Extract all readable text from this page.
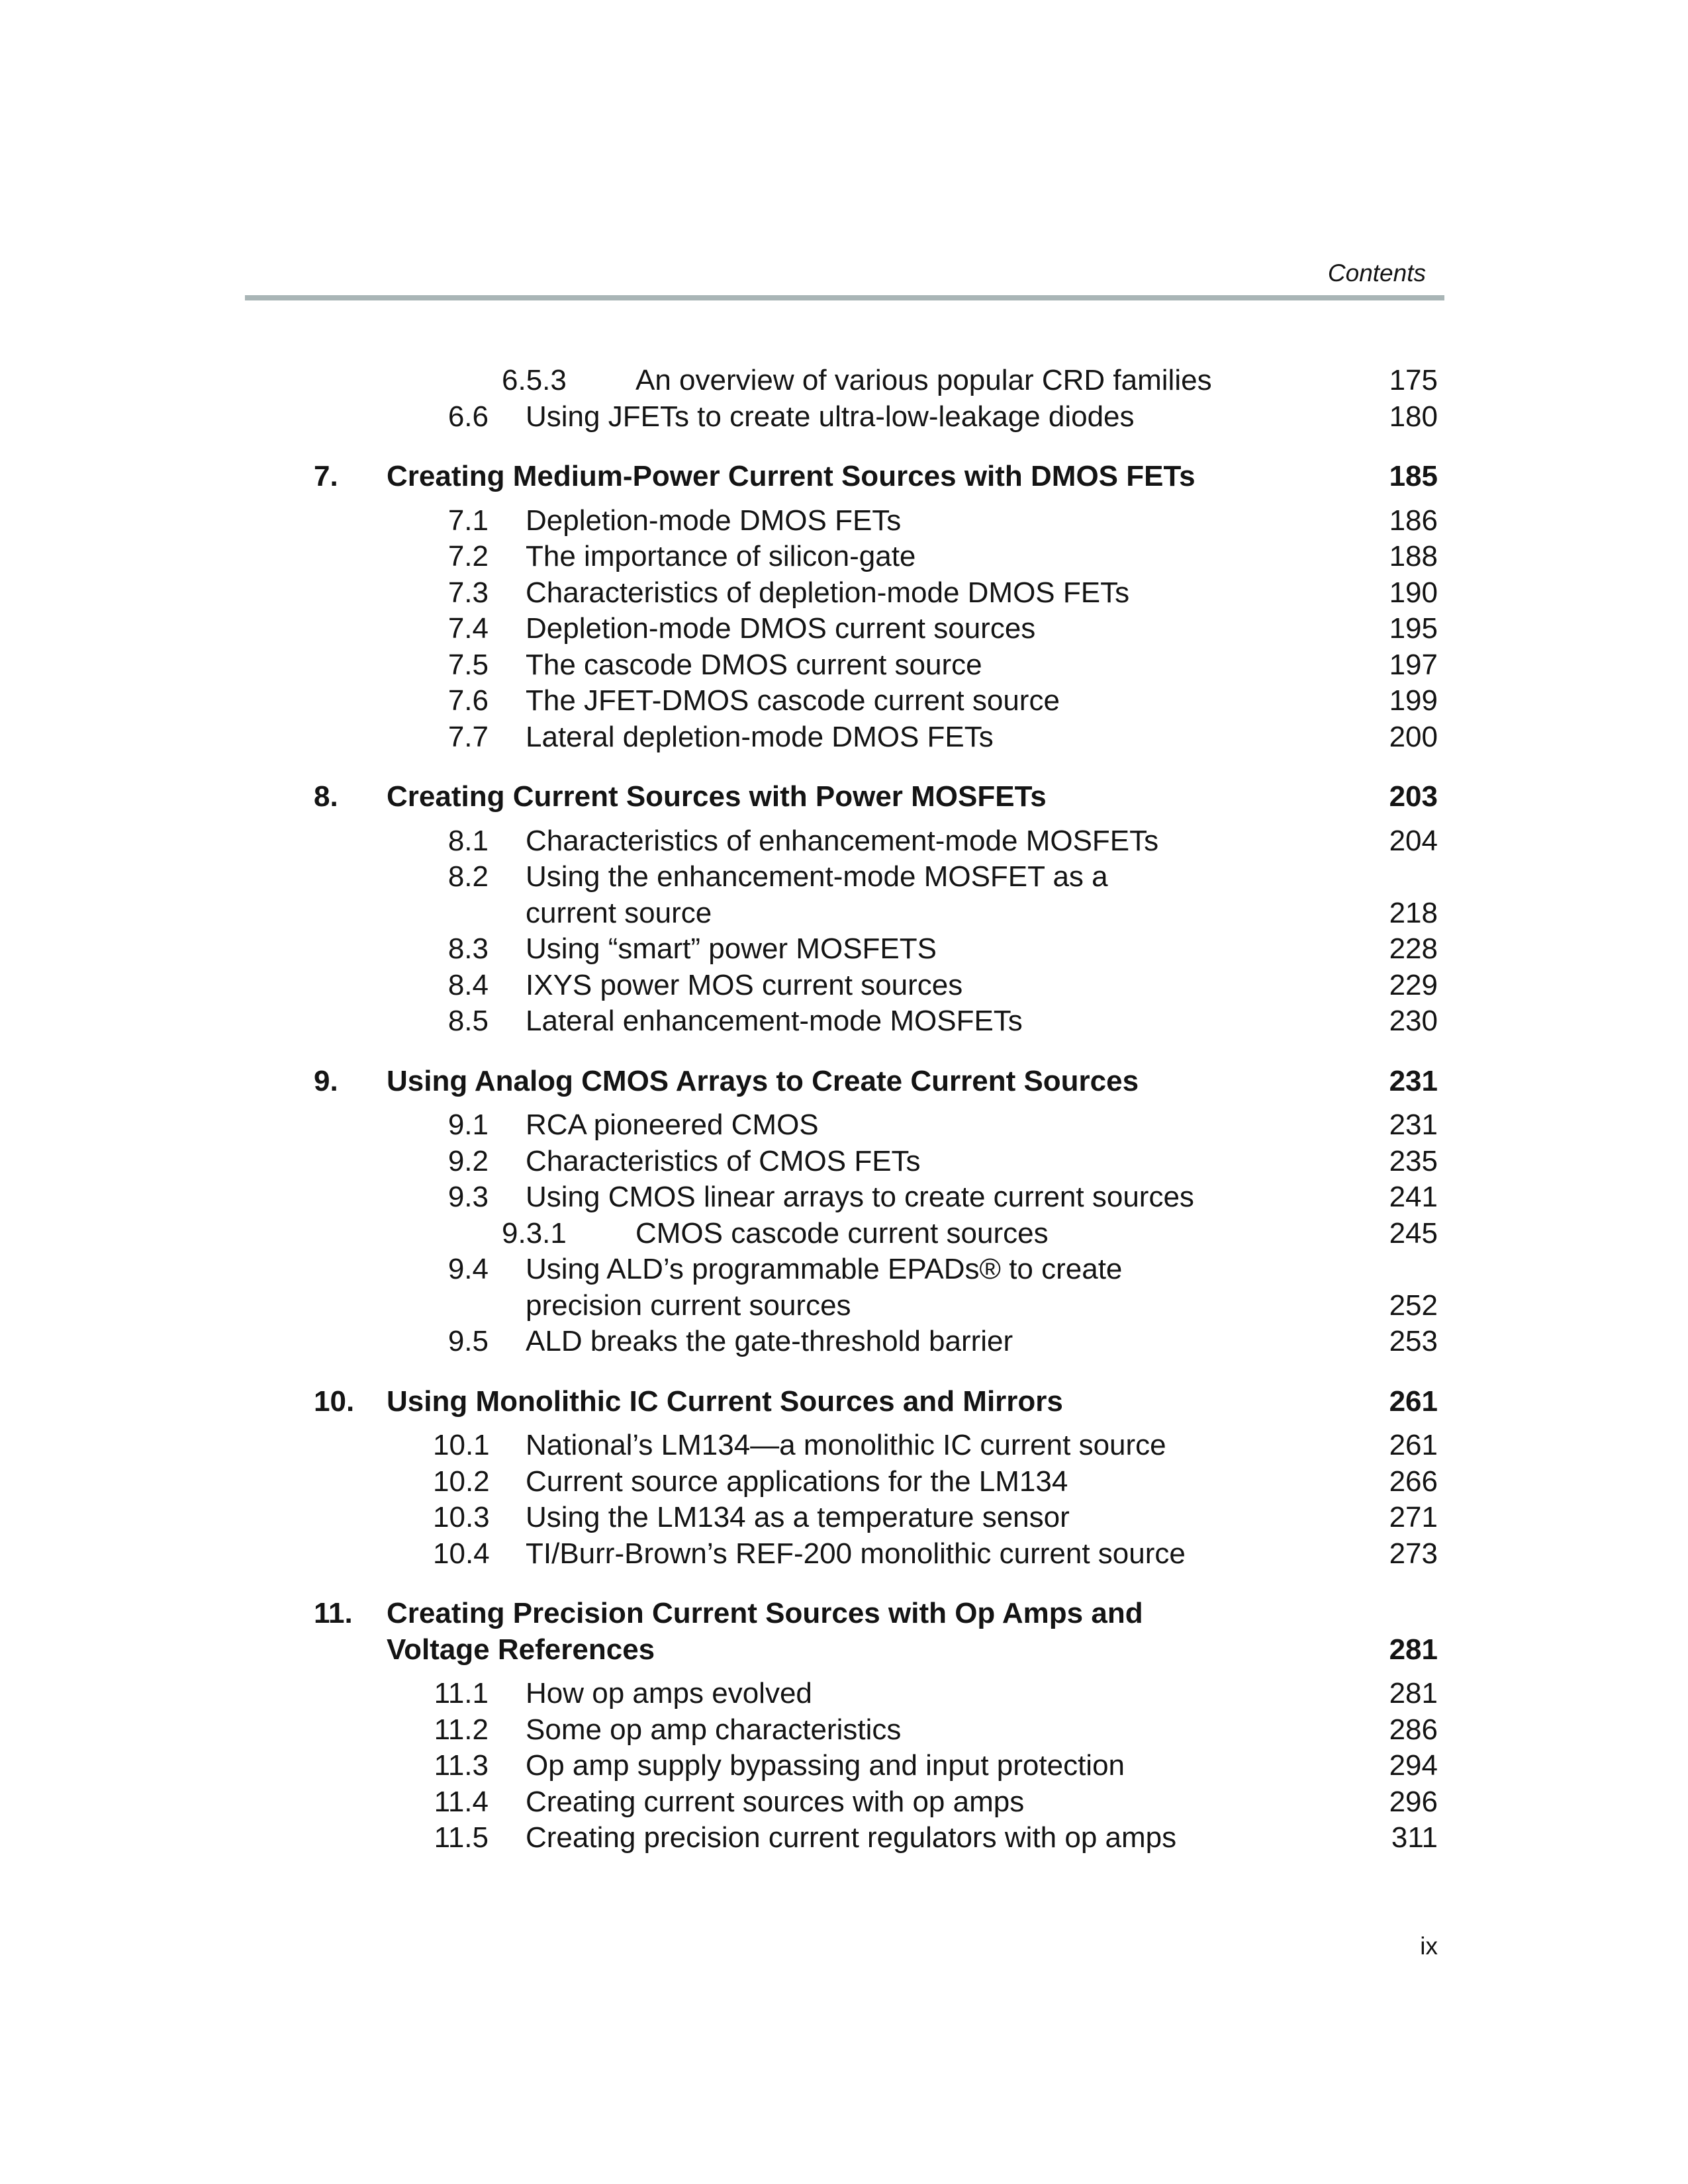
Contents
6.5.3 An overview of various popular CRD families	175
6.6 Using JFETs to create ultra-low-leakage diodes	180
7. Creating Medium-Power Current Sources with DMOS FETs	185
7.1 Depletion-mode DMOS FETs	186
7.2 The importance of silicon-gate	188
7.3 Characteristics of depletion-mode DMOS FETs	190
7.4 Depletion-mode DMOS current sources	195
7.5 The cascode DMOS current source	197
7.6 The JFET-DMOS cascode current source	199
7.7 Lateral depletion-mode DMOS FETs	200
8. Creating Current Sources with Power MOSFETs	203
8.1 Characteristics of enhancement-mode MOSFETs	204
8.2 Using the enhancement-mode MOSFET as a
current source	218
8.3 Using “smart” power MOSFETS	228
8.4 IXYS power MOS current sources	229
8.5 Lateral enhancement-mode MOSFETs	230
9. Using Analog CMOS Arrays to Create Current Sources	231
9.1 RCA pioneered CMOS	231
9.2 Characteristics of CMOS FETs	235
9.3 Using CMOS linear arrays to create current sources	241
9.3.1 CMOS cascode current sources	245
9.4 Using ALD’s programmable EPADs® to create
precision current sources	252
9.5 ALD breaks the gate-threshold barrier	253
10. Using Monolithic IC Current Sources and Mirrors	261
10.1 National’s LM134—a monolithic IC current source	261
10.2 Current source applications for the LM134	266
10.3 Using the LM134 as a temperature sensor	271
10.4 TI/Burr-Brown’s REF-200 monolithic current source	273
11. Creating Precision Current Sources with Op Amps and
Voltage References	281
11.1 How op amps evolved	281
11.2 Some op amp characteristics	286
11.3 Op amp supply bypassing and input protection	294
11.4 Creating current sources with op amps	296
11.5 Creating precision current regulators with op amps	311
ix
